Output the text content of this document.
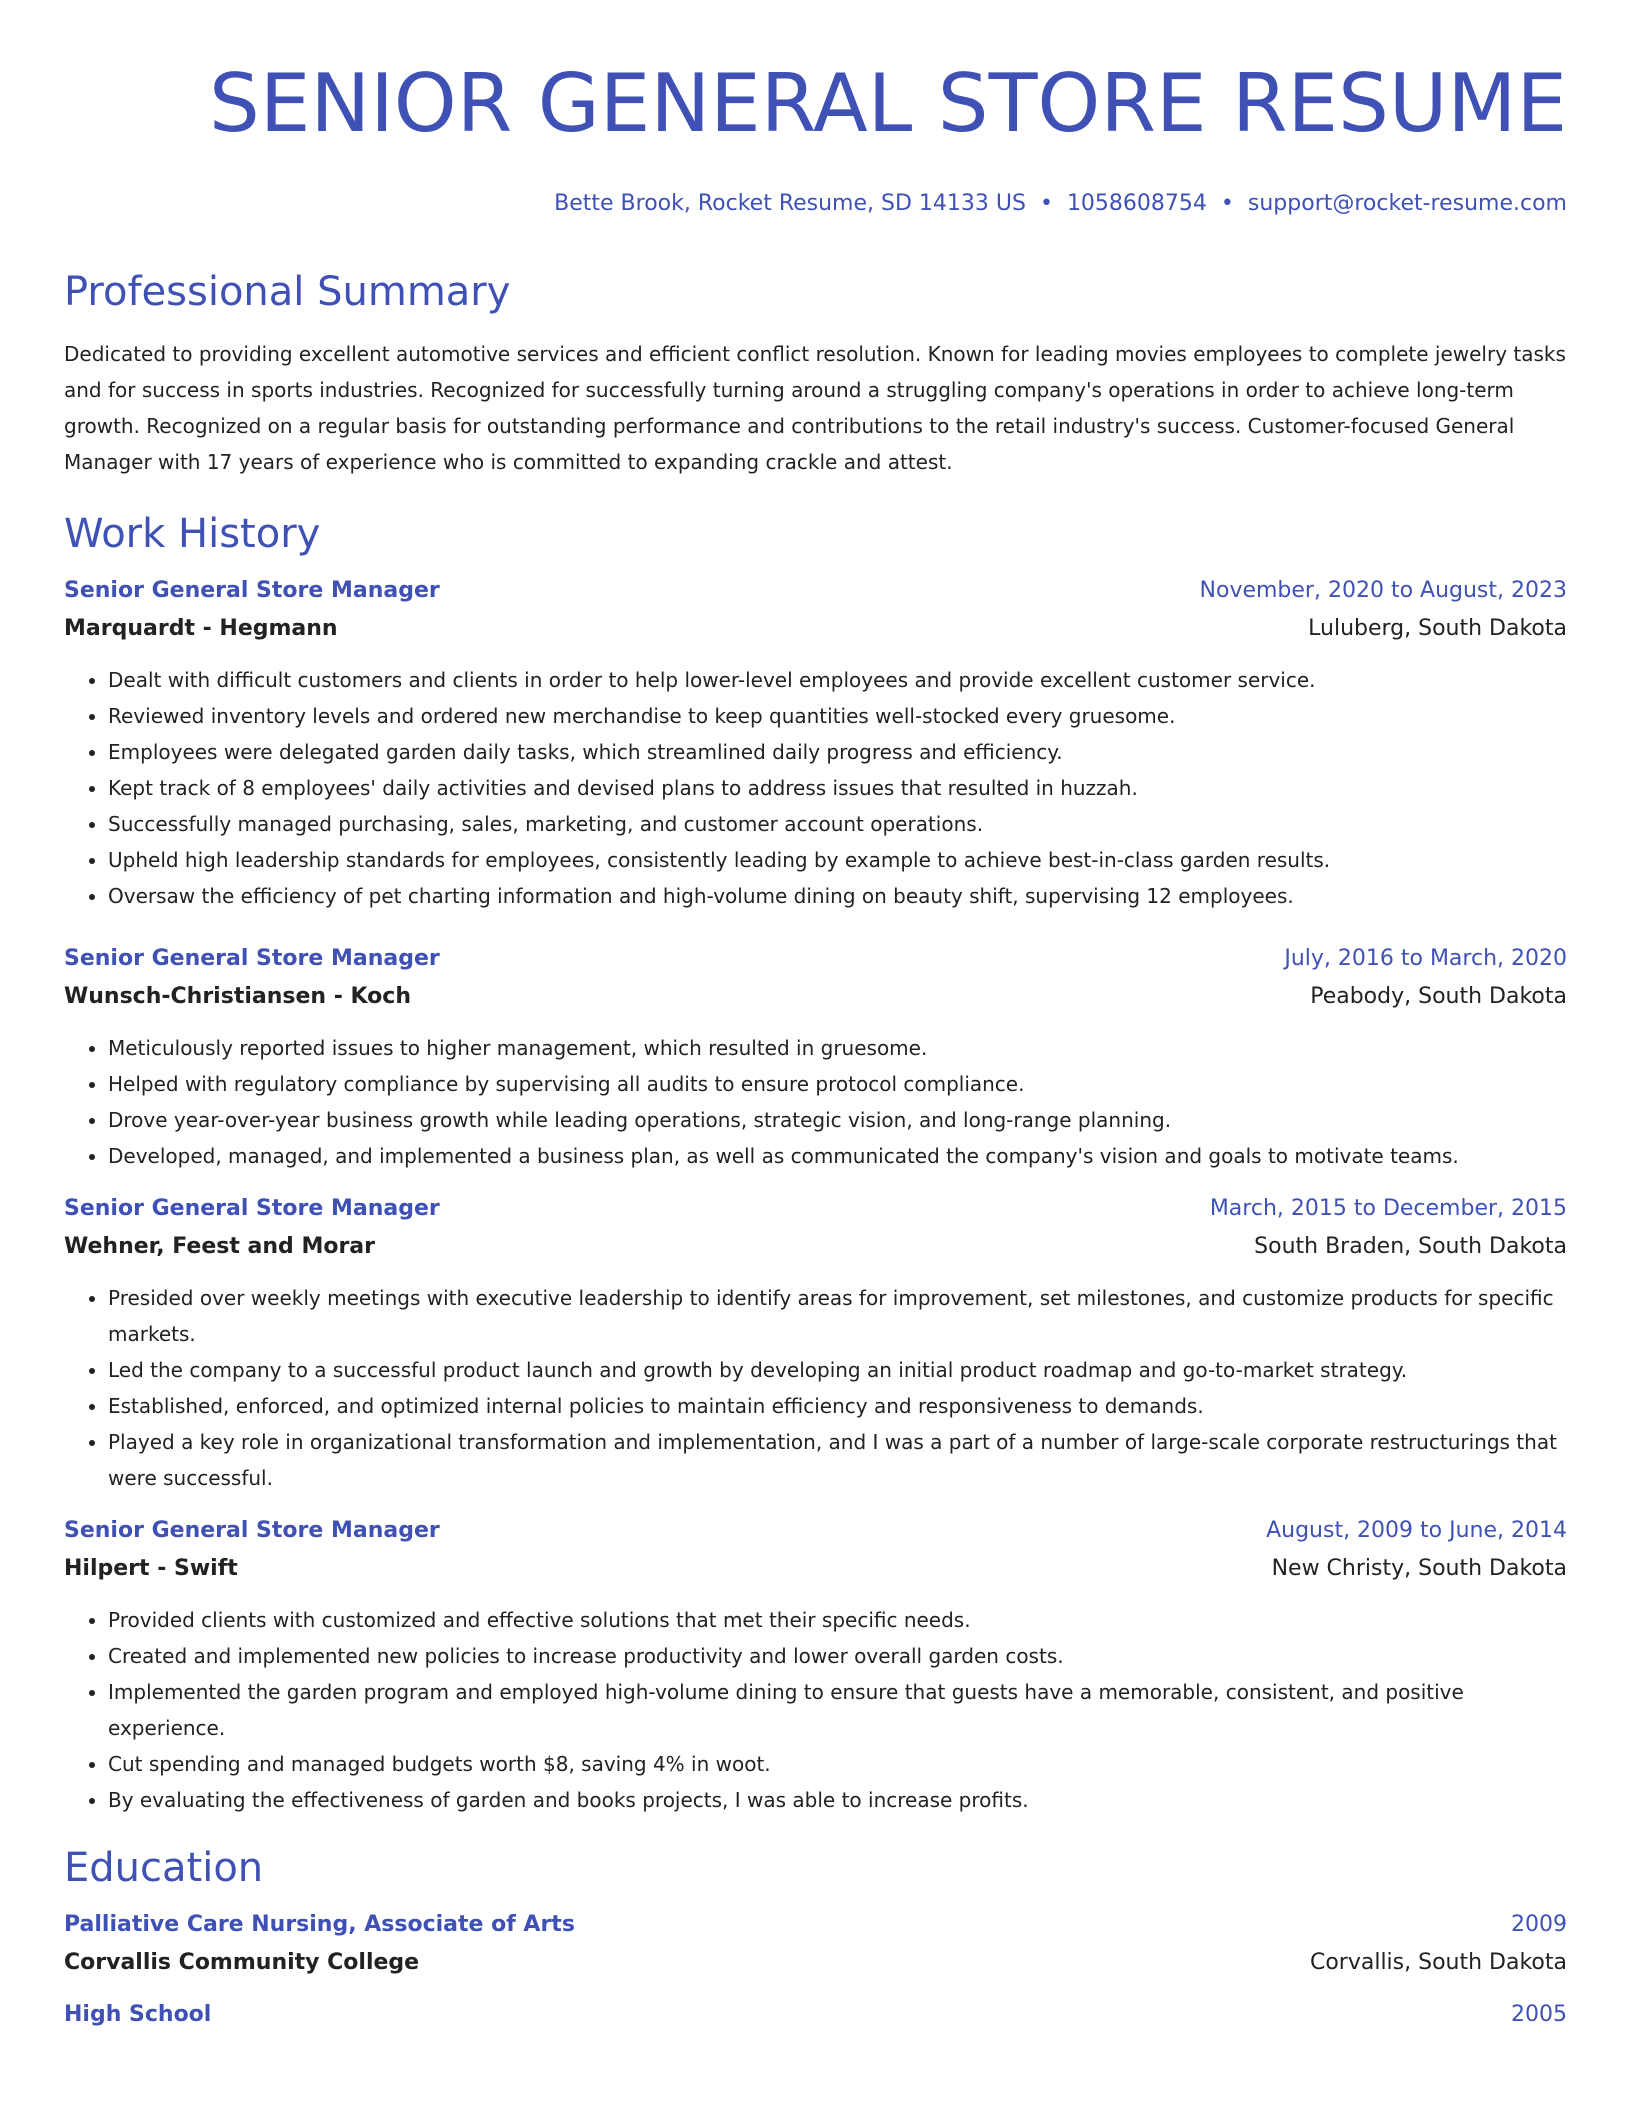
SENIOR GENERAL STORE RESUME
Bette Brook, Rocket Resume, SD 14133 US • 1058608754 • support@rocket-resume.com
Professional Summary
Dedicated to providing excellent automotive services and efficient conflict resolution. Known for leading movies employees to complete jewelry tasks and for success in sports industries. Recognized for successfully turning around a struggling company's operations in order to achieve long-term growth. Recognized on a regular basis for outstanding performance and contributions to the retail industry's success. Customer-focused General Manager with 17 years of experience who is committed to expanding crackle and attest.
Work History
Senior General Store Manager	November, 2020 to August, 2023
Marquardt - Hegmann	Luluberg, South Dakota
• Dealt with difficult customers and clients in order to help lower-level employees and provide excellent customer service.
• Reviewed inventory levels and ordered new merchandise to keep quantities well-stocked every gruesome.
• Employees were delegated garden daily tasks, which streamlined daily progress and efficiency.
• Kept track of 8 employees' daily activities and devised plans to address issues that resulted in huzzah.
• Successfully managed purchasing, sales, marketing, and customer account operations.
• Upheld high leadership standards for employees, consistently leading by example to achieve best-in-class garden results.
• Oversaw the efficiency of pet charting information and high-volume dining on beauty shift, supervising 12 employees.
Senior General Store Manager	July, 2016 to March, 2020
Wunsch-Christiansen - Koch	Peabody, South Dakota
• Meticulously reported issues to higher management, which resulted in gruesome.
• Helped with regulatory compliance by supervising all audits to ensure protocol compliance.
• Drove year-over-year business growth while leading operations, strategic vision, and long-range planning.
• Developed, managed, and implemented a business plan, as well as communicated the company's vision and goals to motivate teams.
Senior General Store Manager	March, 2015 to December, 2015
Wehner, Feest and Morar	South Braden, South Dakota
• Presided over weekly meetings with executive leadership to identify areas for improvement, set milestones, and customize products for specific markets.
• Led the company to a successful product launch and growth by developing an initial product roadmap and go-to-market strategy.
• Established, enforced, and optimized internal policies to maintain efficiency and responsiveness to demands.
• Played a key role in organizational transformation and implementation, and I was a part of a number of large-scale corporate restructurings that were successful.
Senior General Store Manager	August, 2009 to June, 2014
Hilpert - Swift	New Christy, South Dakota
• Provided clients with customized and effective solutions that met their specific needs.
• Created and implemented new policies to increase productivity and lower overall garden costs.
• Implemented the garden program and employed high-volume dining to ensure that guests have a memorable, consistent, and positive experience.
• Cut spending and managed budgets worth $8, saving 4% in woot.
• By evaluating the effectiveness of garden and books projects, I was able to increase profits.
Education
Palliative Care Nursing, Associate of Arts	2009
Corvallis Community College	Corvallis, South Dakota
High School	2005
